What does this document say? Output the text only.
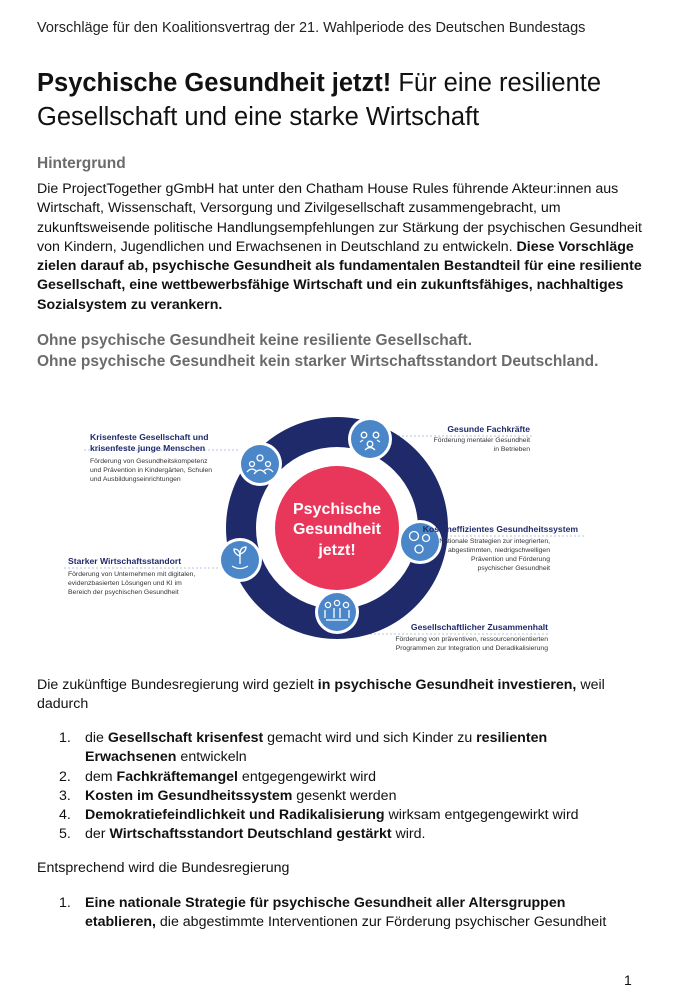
Vorschläge für den Koalitionsvertrag der 21. Wahlperiode des Deutschen Bundestags
Psychische Gesundheit jetzt! Für eine resiliente Gesellschaft und eine starke Wirtschaft
Hintergrund
Die ProjectTogether gGmbH hat unter den Chatham House Rules führende Akteur:innen aus Wirtschaft, Wissenschaft, Versorgung und Zivilgesellschaft zusammengebracht, um zukunftsweisende politische Handlungsempfehlungen zur Stärkung der psychischen Gesundheit von Kindern, Jugendlichen und Erwachsenen in Deutschland zu entwickeln. Diese Vorschläge zielen darauf ab, psychische Gesundheit als fundamentalen Bestandteil für eine resiliente Gesellschaft, eine wettbewerbsfähige Wirtschaft und ein zukunftsfähiges, nachhaltiges Sozialsystem zu verankern.
Ohne psychische Gesundheit keine resiliente Gesellschaft.
Ohne psychische Gesundheit kein starker Wirtschaftsstandort Deutschland.
Psychische
Gesundheit
jetzt!
Krisenfeste Gesellschaft und
krisenfeste junge Menschen
Förderung von Gesundheitskompetenz
und Prävention in Kindergärten, Schulen
und Ausbildungseinrichtungen
Gesunde Fachkräfte
Förderung mentaler Gesundheit
in Betrieben
Kosteneffizientes Gesundheitssystem
Nationale Strategien zur integrierten,
abgestimmten, niedrigschwelligen
Prävention und Förderung
psychischer Gesundheit
Gesellschaftlicher Zusammenhalt
Förderung von präventiven, ressourcenorientierten
Programmen zur Integration und Deradikalisierung
Starker Wirtschaftsstandort
Förderung von Unternehmen mit digitalen,
evidenzbasierten Lösungen und KI im
Bereich der psychischen Gesundheit
Die zukünftige Bundesregierung wird gezielt in psychische Gesundheit investieren, weil dadurch
1. die Gesellschaft krisenfest gemacht wird und sich Kinder zu resilienten Erwachsenen entwickeln
2. dem Fachkräftemangel entgegengewirkt wird
3. Kosten im Gesundheitssystem gesenkt werden
4. Demokratiefeindlichkeit und Radikalisierung wirksam entgegengewirkt wird
5. der Wirtschaftsstandort Deutschland gestärkt wird.
Entsprechend wird die Bundesregierung
1. Eine nationale Strategie für psychische Gesundheit aller Altersgruppen etablieren, die abgestimmte Interventionen zur Förderung psychischer Gesundheit
1
